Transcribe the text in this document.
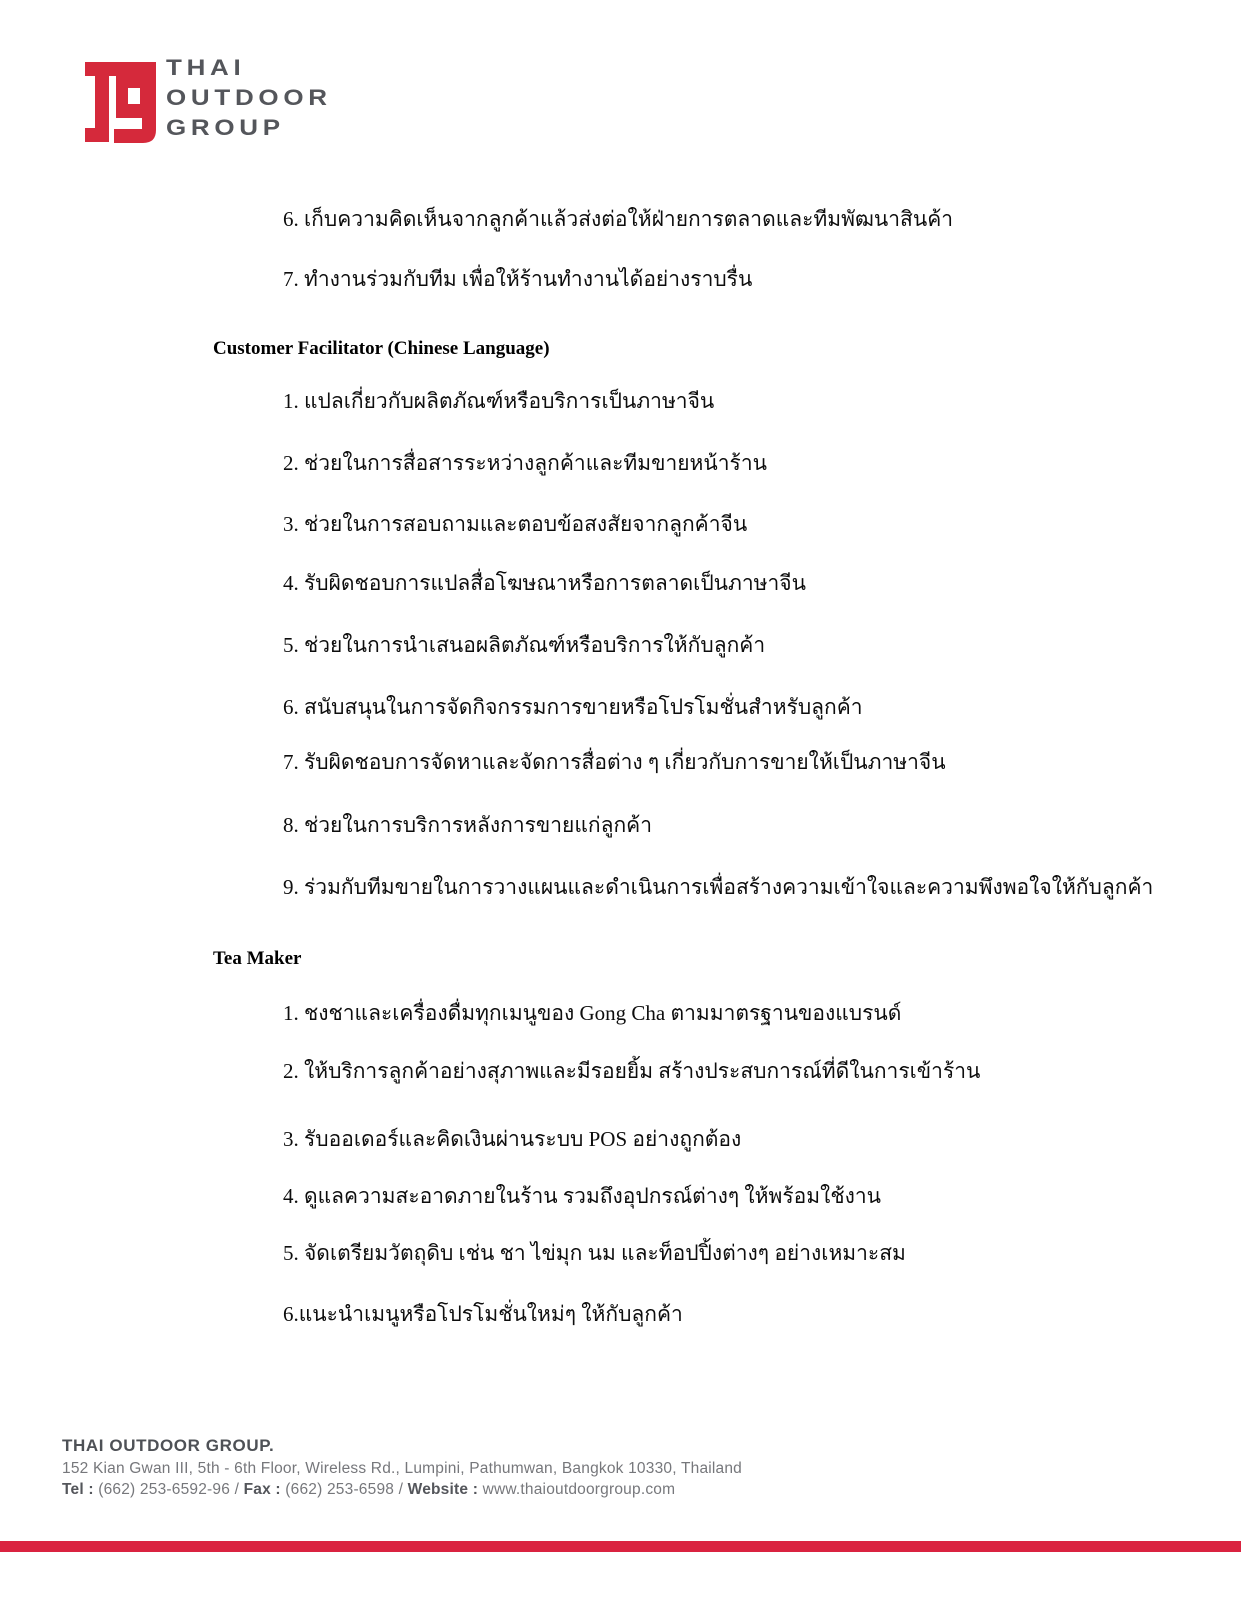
THAI
OUTDOOR
GROUP
6. เก็บความคิดเห็นจากลูกค้าแล้วส่งต่อให้ฝ่ายการตลาดและทีมพัฒนาสินค้า
7. ทำงานร่วมกับทีม เพื่อให้ร้านทำงานได้อย่างราบรื่น
Customer Facilitator (Chinese Language)
1. แปลเกี่ยวกับผลิตภัณฑ์หรือบริการเป็นภาษาจีน
2. ช่วยในการสื่อสารระหว่างลูกค้าและทีมขายหน้าร้าน
3. ช่วยในการสอบถามและตอบข้อสงสัยจากลูกค้าจีน
4. รับผิดชอบการแปลสื่อโฆษณาหรือการตลาดเป็นภาษาจีน
5. ช่วยในการนำเสนอผลิตภัณฑ์หรือบริการให้กับลูกค้า
6. สนับสนุนในการจัดกิจกรรมการขายหรือโปรโมชั่นสำหรับลูกค้า
7. รับผิดชอบการจัดหาและจัดการสื่อต่าง ๆ เกี่ยวกับการขายให้เป็นภาษาจีน
8. ช่วยในการบริการหลังการขายแก่ลูกค้า
9. ร่วมกับทีมขายในการวางแผนและดำเนินการเพื่อสร้างความเข้าใจและความพึงพอใจให้กับลูกค้า
Tea Maker
1. ชงชาและเครื่องดื่มทุกเมนูของ Gong Cha ตามมาตรฐานของแบรนด์
2. ให้บริการลูกค้าอย่างสุภาพและมีรอยยิ้ม สร้างประสบการณ์ที่ดีในการเข้าร้าน
3. รับออเดอร์และคิดเงินผ่านระบบ POS อย่างถูกต้อง
4. ดูแลความสะอาดภายในร้าน รวมถึงอุปกรณ์ต่างๆ ให้พร้อมใช้งาน
5. จัดเตรียมวัตถุดิบ เช่น ชา ไข่มุก นม และท็อปปิ้งต่างๆ อย่างเหมาะสม
6.แนะนำเมนูหรือโปรโมชั่นใหม่ๆ ให้กับลูกค้า
THAI OUTDOOR GROUP.
152 Kian Gwan III, 5th - 6th Floor, Wireless Rd., Lumpini, Pathumwan, Bangkok 10330, Thailand
Tel : (662) 253-6592-96 / Fax : (662) 253-6598 / Website : www.thaioutdoorgroup.com
